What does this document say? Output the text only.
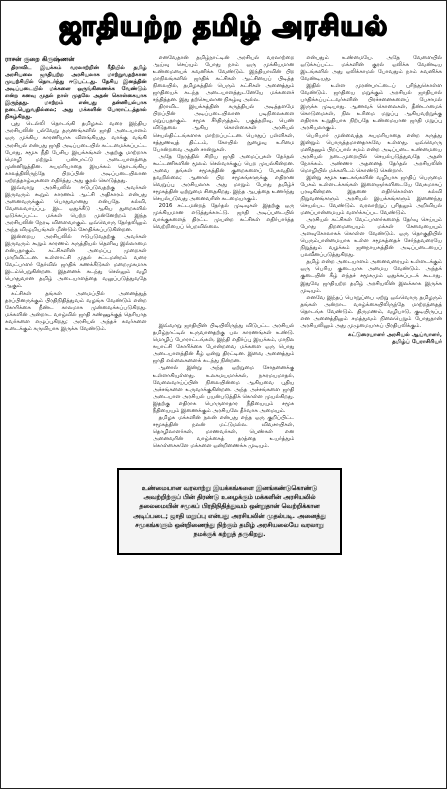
ஜாதியற்ற தமிழ் அரசியல்
ராசன் குறை கிருஷ்ணன்

திராவிட இயக்கம் வரலாற்றின் ரீதியில் தமிழ் அரசியலை ஜாதியற்ற அரசியலாக மாற்றுவதற்கான முயற்சியில் தொடர்ந்து ஈடுபட்டது. தேசிய இனத்தின் அடிப்படையில் மக்களை ஒருங்கிணைக்க வேண்டும் என்ற கனவு முதல் நாள் முதலே அதன் கொள்கையாக இருந்தது. மாற்றம் என்பது தன்னியல்பாக நடைபெறுவதில்லை; அது மக்களின் போராட்டத்தால் நிகழ்கிறது.

புது டெல்லி தொடங்கி தமிழகம் வரை இந்திய அரசியலின் பல்வேறு தருணங்களில் ஜாதி அடையாளம் ஒரு முக்கிய காரணியாக விளங்கியது. வாக்கு வங்கி அரசியல் என்பது ஜாதி அடிப்படையில் கட்டமைக்கப்பட்ட போது, சமூக நீதி பேசிய இயக்கங்கள் அதற்கு மாற்றாக மொழி மற்றும் பண்பாட்டு அடையாளத்தை முன்னிறுத்தின. சுயமரியாதை இயக்கம் தொடங்கிய காலத்திலிருந்தே பிறப்பின் அடிப்படையிலான ஏற்றத்தாழ்வுகளை எதிர்த்து அது குரல் கொடுத்தது.

இவ்வாறு அரசியலில் ஈடுபடுவதற்கு அவர்கள் இருவரும் கூறும் காரணம் ஆட்சி அதிகாரம் என்பது அனைவருக்கும் பொதுவானது என்பதே. கல்வி, வேலைவாய்ப்பு, இட ஒதுக்கீடு ஆகிய துறைகளில் ஒடுக்கப்பட்ட மக்கள் பெற்ற முன்னேற்றம் இந்த அரசியலின் நேரடி விளைவாகும். ஒவ்வொரு தேர்தலிலும் அந்த விழுமியங்கள் மீண்டும் சோதிக்கப்படுகின்றன.

இன்றைய அரசியலில் ஈடுபடுவதற்கு அவர்கள் இருவரும் கூறும் காரணம் கருத்தியல் தெளிவு இல்லாமை என்பதாகும். கட்சிகளின் அமைப்பு முறைகள் மாறிவிட்டன. உள்ளாட்சி முதல் சட்டமன்றம் வரை வேட்பாளர் தேர்வில் ஜாதிக் கணக்கீடுகள் மறைமுகமாக இடம்பெறுகின்றன. இதனைக் கடந்து செல்லும் வழி பொதுவான தமிழ் அடையாளத்தை வலுப்படுத்துவதே ஆகும்.

கட்சிகள் தங்கள் அமைப்பில் அனைத்துத் தரப்பினருக்கும் பிரதிநிதித்துவம் வழங்க வேண்டும் என்ற கோரிக்கை நீண்ட காலமாக முன்வைக்கப்படுகிறது. மக்களின் அன்றாட வாழ்வில் ஜாதி கண்ணுக்குத் தெரியாத சுவர்களை எழுப்புகிறது; அரசியல் அந்தச் சுவர்களை உடைக்கும் கருவியாக இருக்க வேண்டும்.

எனவேதான் தமிழ்நாட்டின் அரசியல் வரலாற்றை ஆய்வு செய்யும் போது நாம் ஒரு முக்கியமான உண்மையைக் கவனிக்க வேண்டும். இந்தியாவின் பிற மாநிலங்களில் ஜாதிக் கட்சிகள் ஆட்சியைப் பிடித்த நிலையில், தமிழகத்தில் பெரும் கட்சிகள் அனைத்தும் ஜாதியைக் கடந்த அடையாளத்துடனேயே மக்களைச் சந்தித்தன. இது தற்செயலான நிகழ்வு அல்ல.

திராவிட இயக்கத்தின் கருத்தியல் அடித்தளமே பிறப்பின் அடிப்படையிலான படிநிலைகளை மறுப்பதாகும். சமூக சீர்திருத்தம், பகுத்தறிவு, பெண் விடுதலை ஆகிய கொள்கைகள் அரசியல் செயல்திட்டங்களாக மாற்றப்பட்டன. பொதுப் பள்ளிகள், சத்துணவுத் திட்டம், கோயில் நுழைவு உரிமை போன்றவை அதன் சான்றுகள்.

அதே நேரத்தில் சிறிய ஜாதி அமைப்புகள் தேர்தல் கூட்டணிகளின் மூலம் செல்வாக்குப் பெற முயல்கின்றன. அவை தங்கள் சமூகத்தின் குறைகளைப் பேசுவதில் தவறில்லை; ஆனால் பிற சமூகங்களுக்கு எதிரான வெறுப்பு அரசியலாக அது மாறும் போது தமிழ்ச் சமூகத்தின் ஒற்றுமை சிதைகிறது. இந்த ஆபத்தை உணர்ந்து செயல்படுவது அனைவரின் கடமையாகும்.

2016 சட்டமன்றத் தேர்தல் முடிவுகள் இதற்கு ஒரு முக்கியமான எடுத்துக்காட்டு. ஜாதி அடிப்படையில் வாக்குகளைத் திரட்ட முயன்ற கட்சிகள் எதிர்பார்த்த வெற்றியைப் பெறவில்லை.

இவ்வாறு ஜாதியின் பிடியிலிருந்து விடுபட்ட அரசியல் தமிழ்நாட்டில் உருவானதற்கு பல காரணங்கள் உண்டு. மொழிப் போராட்டங்கள், இந்தி எதிர்ப்பு இயக்கம், மாநில சுயாட்சி கோரிக்கை போன்றவை மக்களை ஒரு பொது அடையாளத்தின் கீழ் ஒன்று திரட்டின. இவை அனைத்தும் ஜாதி எல்லைகளைக் கடந்து நின்றன.

ஆனால் இன்று அந்த ஒற்றுமை சோதனைக்கு உள்ளாகியுள்ளது. உலகமயமாக்கல், நகரமயமாதல், வேலைவாய்ப்பின் நிலையின்மை ஆகியவை புதிய அச்சங்களை உருவாக்குகின்றன. அந்த அச்சங்களை ஜாதி அடையாள அரசியல் பயன்படுத்திக் கொள்ள முயல்கிறது. இதற்கு எதிராக பொருளாதார நீதியையும் சமூக நீதியையும் இணைக்கும் அரசியலே தீர்வாக அமையும்.

தமிழக மக்களின் நலன் என்பது எந்த ஒரு குறிப்பிட்ட சமூகத்தின் நலன் மட்டுமல்ல. விவசாயிகள், தொழிலாளர்கள், மாணவர்கள், பெண்கள் என அனைவரின் வாழ்க்கைத் தரத்தை உயர்த்தும் கொள்கைகளே மக்களை ஒன்றிணைக்க முடியும்.

என்பதும் உண்மையே. அதே வேளையில் ஒடுக்கப்பட்ட மக்களின் குரல் ஒலிக்க வேண்டிய இடங்களில் அது ஒலிக்காமல் போவதும் நாம் கவனிக்க வேண்டியது.

இதில் உள்ள முரண்பாட்டைப் புரிந்துகொள்ள வேண்டும். ஜாதியை மறுக்கும் அரசியல் ஜாதியால் பாதிக்கப்பட்டவர்களின் பிரச்சனைகளைப் பேசாமல் இருக்க முடியாது. ஆணவக் கொலைகள், தீண்டாமைக் கொடுமைகள், நில உரிமை மறுப்பு ஆகியவற்றுக்கு எதிராக உறுதியாக நிற்பதே உண்மையான ஜாதி மறுப்பு அரசியலாகும்.

பெரியார் முன்வைத்த சுயமரியாதை என்ற கருத்து இன்றும் பொருத்தமானதாகவே உள்ளது. ஒவ்வொரு மனிதனும் பிறப்பால் சமம் என்ற அடிப்படை உண்மையை அரசியல் நடைமுறையில் செயல்படுத்துவதே அதன் நோக்கம். அண்ணா அதனைத் தேர்தல் அரசியலின் மொழியில் மக்களிடம் கொண்டு சென்றார்.

இன்று சமூக ஊடகங்களின் வழியாக ஜாதிப் பெருமை பேசும் உள்ளடக்கங்கள் இளைஞர்களிடையே வேகமாகப் பரவுகின்றன. இதனை எதிர்கொள்ள கல்வி நிறுவனங்களும் அரசியல் இயக்கங்களும் இணைந்து செயல்பட வேண்டும். வரலாற்றுப் புரிதலும் அறிவியல் மனப்பான்மையும் வளர்க்கப்பட வேண்டும்.

அரசியல் கட்சிகள் வேட்பாளர்களைத் தேர்வு செய்யும் போது திறமையையும் மக்கள் சேவையையும் அளவுகோலாகக் கொள்ள வேண்டும். ஒரு தொகுதியில் பெரும்பான்மையாக உள்ள சமூகத்தைச் சேர்ந்தவரையே நிறுத்தும் வழக்கம் ஜனநாயகத்தின் அடிப்படையைப் பலவீனப்படுத்துகிறது.

தமிழ் என்ற அடையாளம் அனைவரையும் உள்ளடக்கும் ஒரு பெரிய குடையாக அமைய வேண்டும். அந்தக் குடையின் கீழ் எந்தச் சமூகமும் ஒதுக்கப்படக் கூடாது. இதுவே ஜாதியற்ற தமிழ் அரசியலின் இலக்காக இருக்க முடியும்.

எனவே இந்தப் பொறுப்பை ஏற்று ஒவ்வொரு தமிழரும் தங்கள் அன்றாட வாழ்க்கையிலிருந்தே மாற்றத்தைத் தொடங்க வேண்டும். திருமணம், வழிபாடு, குடியிருப்பு என அனைத்திலும் சமத்துவம் நிலைபெறும் போதுதான் அரசியலிலும் அது முழுமையாகப் பிரதிபலிக்கும்.

கட்டுரையாளர் அரசியல் ஆய்வாளர்,
தமிழ்ப் பேராசிரியர்
உண்மையான வரலாற்று இயக்கங்களை இனங்கண்டுகொண்டு அவற்றிற்குப் பின் திரண்டு உழைக்கும் மக்களின் அரசியலில் தலைமையின் சமூகப் பிரதிநிதித்துவம் ஒன்றுதான் வெற்றிக்கான அடிப்படை; ஜாதி மறுப்பு என்பது அரசியலின் முதல்படி. அனைத்து சமூகங்களும் ஒன்றிணைந்து நிற்கும் தமிழ் அரசியலையே வரலாறு நமக்குக் கற்றுத் தருகிறது.
